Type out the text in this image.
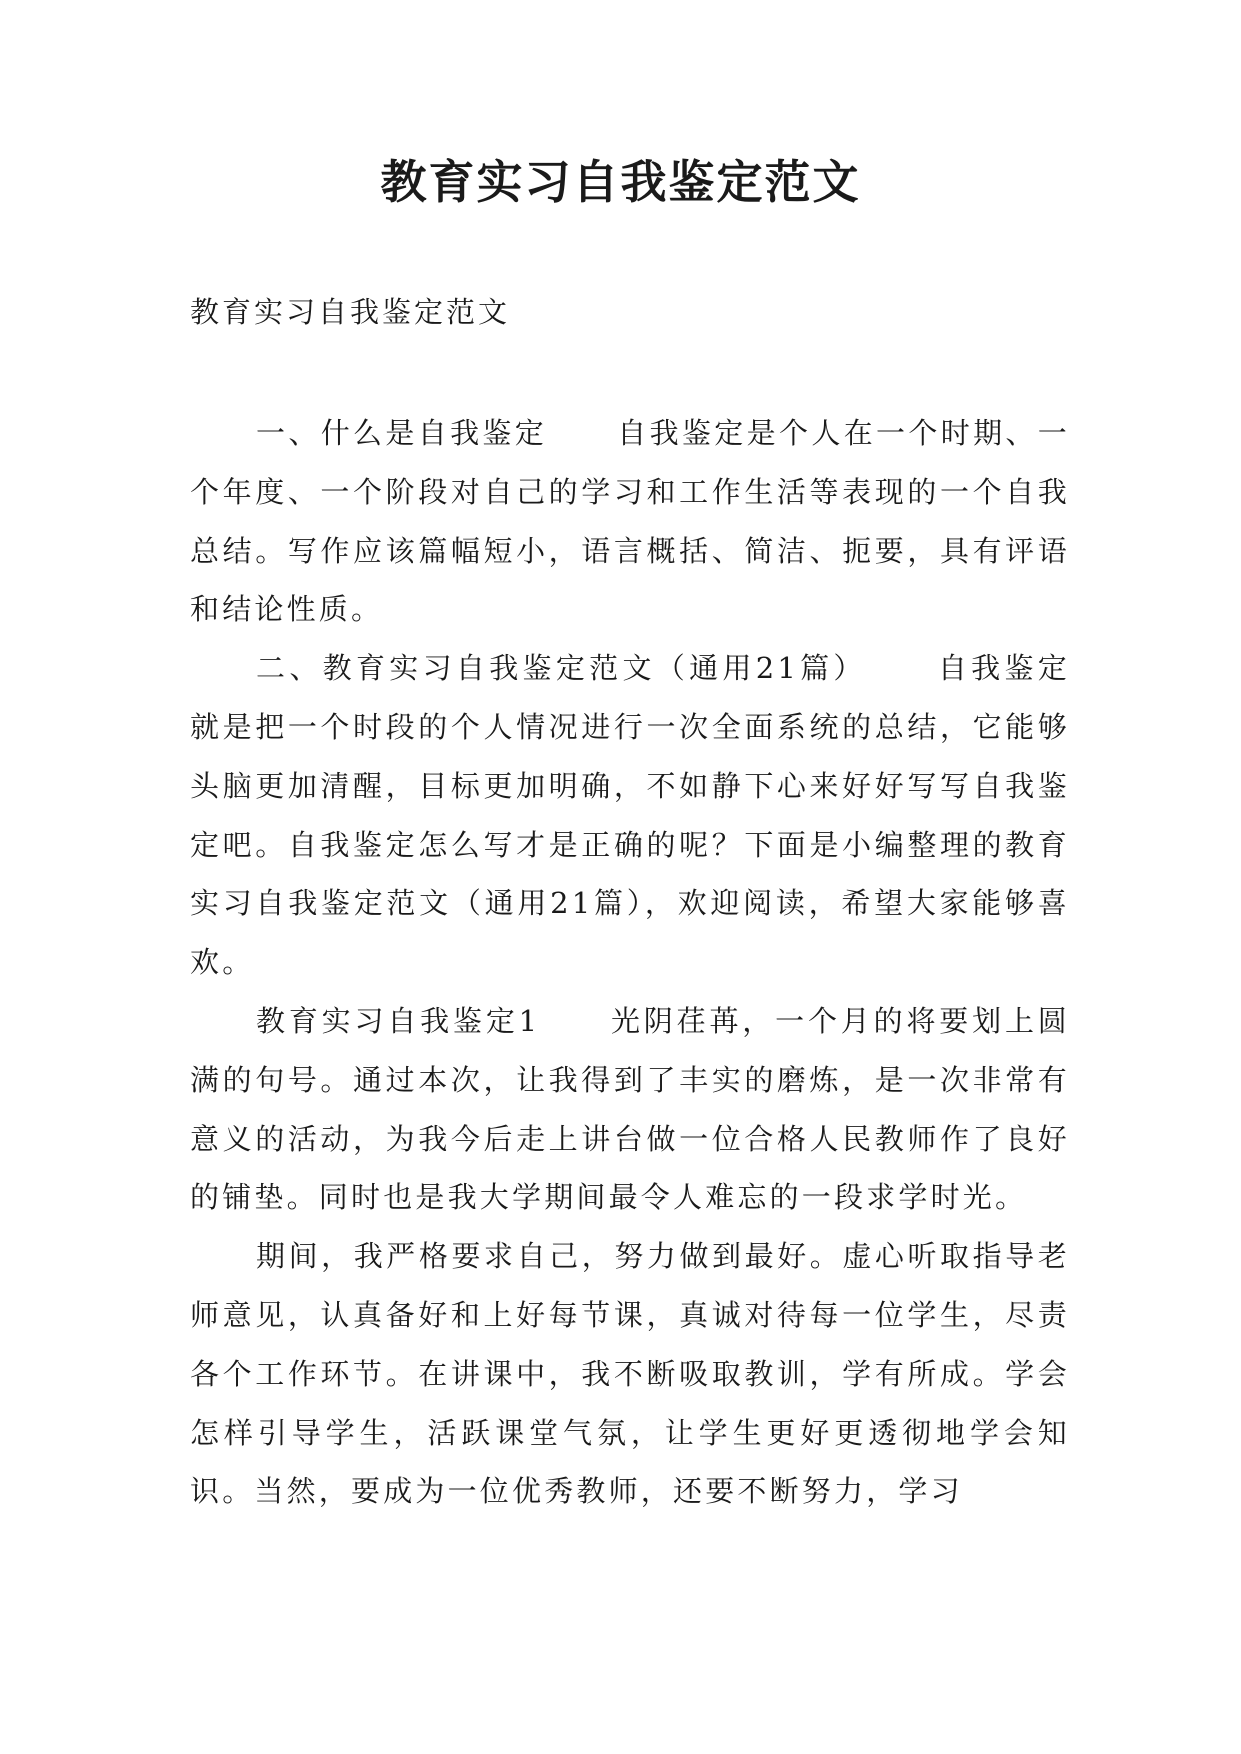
教育实习自我鉴定范文

教育实习自我鉴定范文

一、什么是自我鉴定 自我鉴定是个人在一个时期、一个年度、一个阶段对自己的学习和工作生活等表现的一个自我总结。写作应该篇幅短小，语言概括、简洁、扼要，具有评语和结论性质。

二、教育实习自我鉴定范文（通用21篇） 自我鉴定就是把一个时段的个人情况进行一次全面系统的总结，它能够头脑更加清醒，目标更加明确，不如静下心来好好写写自我鉴定吧。自我鉴定怎么写才是正确的呢？下面是小编整理的教育实习自我鉴定范文（通用21篇），欢迎阅读，希望大家能够喜欢。

教育实习自我鉴定1 光阴荏苒，一个月的将要划上圆满的句号。通过本次，让我得到了丰实的磨炼，是一次非常有意义的活动，为我今后走上讲台做一位合格人民教师作了良好的铺垫。同时也是我大学期间最令人难忘的一段求学时光。

期间，我严格要求自己，努力做到最好。虚心听取指导老师意见，认真备好和上好每节课，真诚对待每一位学生，尽责各个工作环节。在讲课中，我不断吸取教训，学有所成。学会怎样引导学生，活跃课堂气氛，让学生更好更透彻地学会知识。当然，要成为一位优秀教师，还要不断努力，学习
